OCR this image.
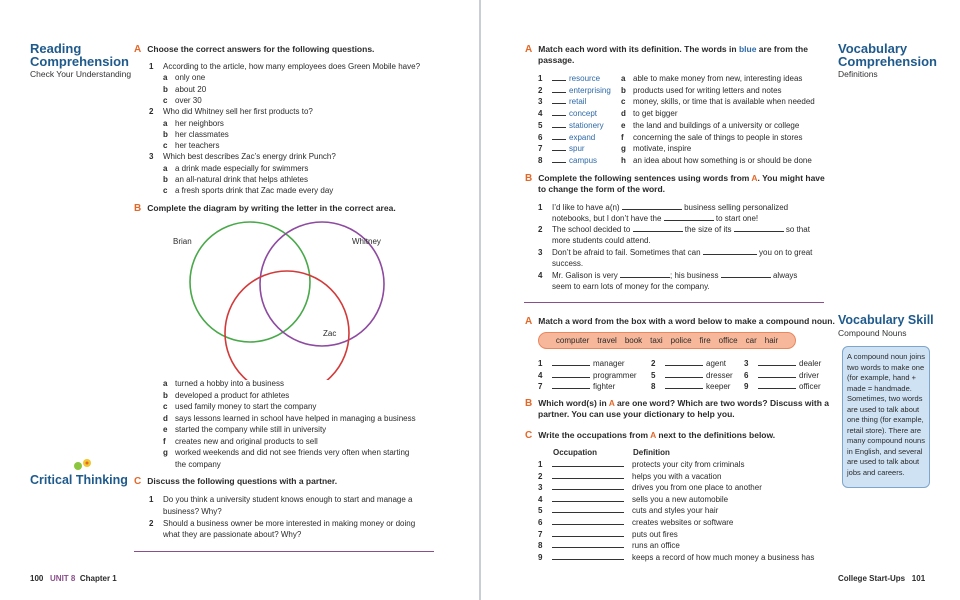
Reading
Comprehension
Check Your Understanding
A Choose the correct answers for the following questions.
1 According to the article, how many employees does Green Mobile have?
a only one
b about 20
c over 30
2 Who did Whitney sell her first products to?
a her neighbors
b her classmates
c her teachers
3 Which best describes Zac’s energy drink Punch?
a a drink made especially for swimmers
b an all-natural drink that helps athletes
c a fresh sports drink that Zac made every day
B Complete the diagram by writing the letter in the correct area.
Brian	Whitney
Zac
a turned a hobby into a business
b developed a product for athletes
c used family money to start the company
d says lessons learned in school have helped in managing a business
e started the company while still in university
f creates new and original products to sell
g worked weekends and did not see friends very often when starting
the company
Critical Thinking C Discuss the following questions with a partner.
1 Do you think a university student knows enough to start and manage a
business? Why?
2 Should a business owner be more interested in making money or doing
what they are passionate about? Why?
100 UNIT 8 Chapter 1
A Match each word with its definition. The words in blue are from the
passage.
Vocabulary
Comprehension
Definitions
1	resource	a able to make money from new, interesting ideas
2	enterprising b products used for writing letters and notes
3	retail	c money, skills, or time that is available when needed
4	concept	d to get bigger
5	stationery e the land and buildings of a university or college
6	expand	f concerning the sale of things to people in stores
7	spur	g motivate, inspire
8	campus	h an idea about how something is or should be done
B Complete the following sentences using words from A. You might have
to change the form of the word.
1 I’d like to have a(n)	business selling personalized
notebooks, but I don’t have the	to start one!
2 The school decided to	the size of its	so that
more students could attend.
3 Don’t be afraid to fail. Sometimes that can	you on to great
success.
4 Mr. Galison is very	; his business	always
seem to earn lots of money for the company.
A Match a word from the box with a word below to make a compound noun. Vocabulary Skill
Compound Nouns
computer travel book taxi police fire office car hair
A compound noun joins
two words to make one
(for example, hand +
made = handmade.
Sometimes, two words
are used to talk about
one thing (for example,
retail store). There are
many compound nouns
in English, and several
are used to talk about
jobs and careers.
1	manager	2	agent 3	dealer
4	programmer 5	dresser 6	driver
7	fighter	8	keeper 9	officer
B Which word(s) in A are one word? Which are two words? Discuss with a
partner. You can use your dictionary to help you.
C Write the occupations from A next to the definitions below.
Occupation	Definition
1	protects your city from criminals
2	helps you with a vacation
3	drives you from one place to another
4	sells you a new automobile
5	cuts and styles your hair
6	creates websites or software
7	puts out fires
8	runs an office
9	keeps a record of how much money a business has
College Start-Ups 101
